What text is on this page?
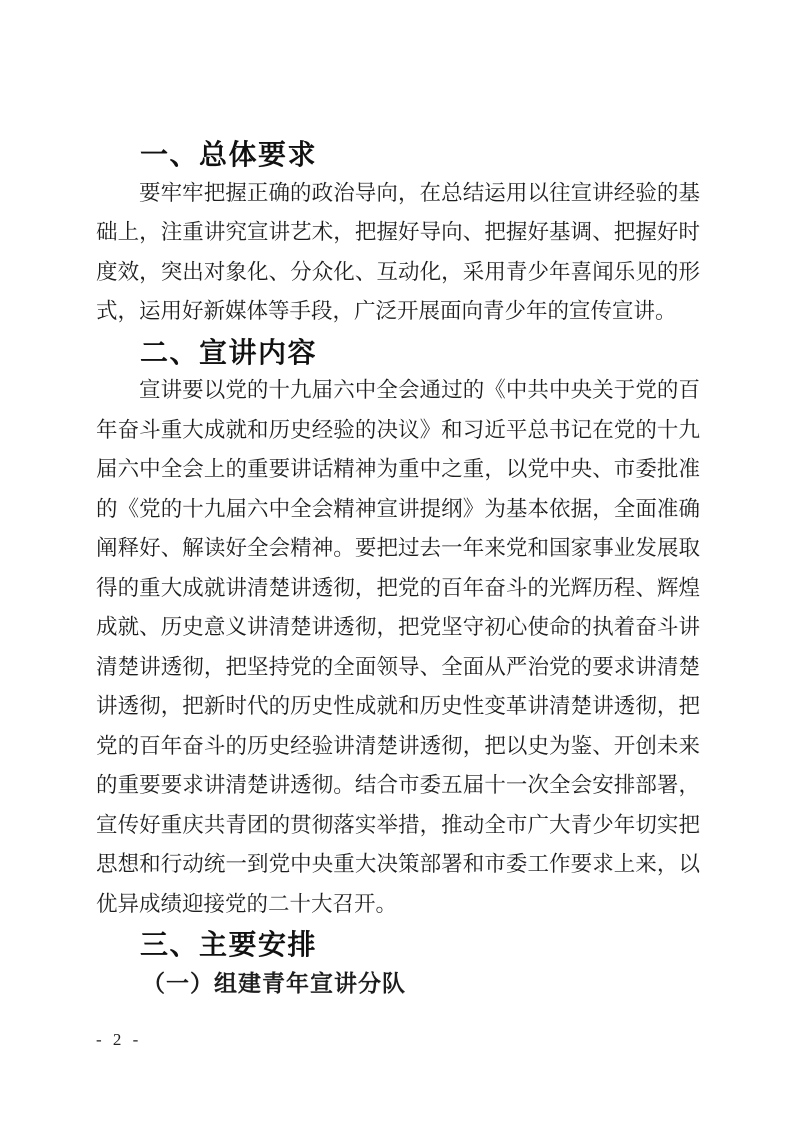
一、总体要求
要牢牢把握正确的政治导向，在总结运用以往宣讲经验的基
础上，注重讲究宣讲艺术，把握好导向、把握好基调、把握好时
度效，突出对象化、分众化、互动化，采用青少年喜闻乐见的形
式，运用好新媒体等手段，广泛开展面向青少年的宣传宣讲。
二、宣讲内容
宣讲要以党的十九届六中全会通过的《中共中央关于党的百
年奋斗重大成就和历史经验的决议》和习近平总书记在党的十九
届六中全会上的重要讲话精神为重中之重，以党中央、市委批准
的《党的十九届六中全会精神宣讲提纲》为基本依据，全面准确
阐释好、解读好全会精神。要把过去一年来党和国家事业发展取
得的重大成就讲清楚讲透彻，把党的百年奋斗的光辉历程、辉煌
成就、历史意义讲清楚讲透彻，把党坚守初心使命的执着奋斗讲
清楚讲透彻，把坚持党的全面领导、全面从严治党的要求讲清楚
讲透彻，把新时代的历史性成就和历史性变革讲清楚讲透彻，把
党的百年奋斗的历史经验讲清楚讲透彻，把以史为鉴、开创未来
的重要要求讲清楚讲透彻。结合市委五届十一次全会安排部署，
宣传好重庆共青团的贯彻落实举措，推动全市广大青少年切实把
思想和行动统一到党中央重大决策部署和市委工作要求上来，以
优异成绩迎接党的二十大召开。
三、主要安排
（一）组建青年宣讲分队
- 2 -
